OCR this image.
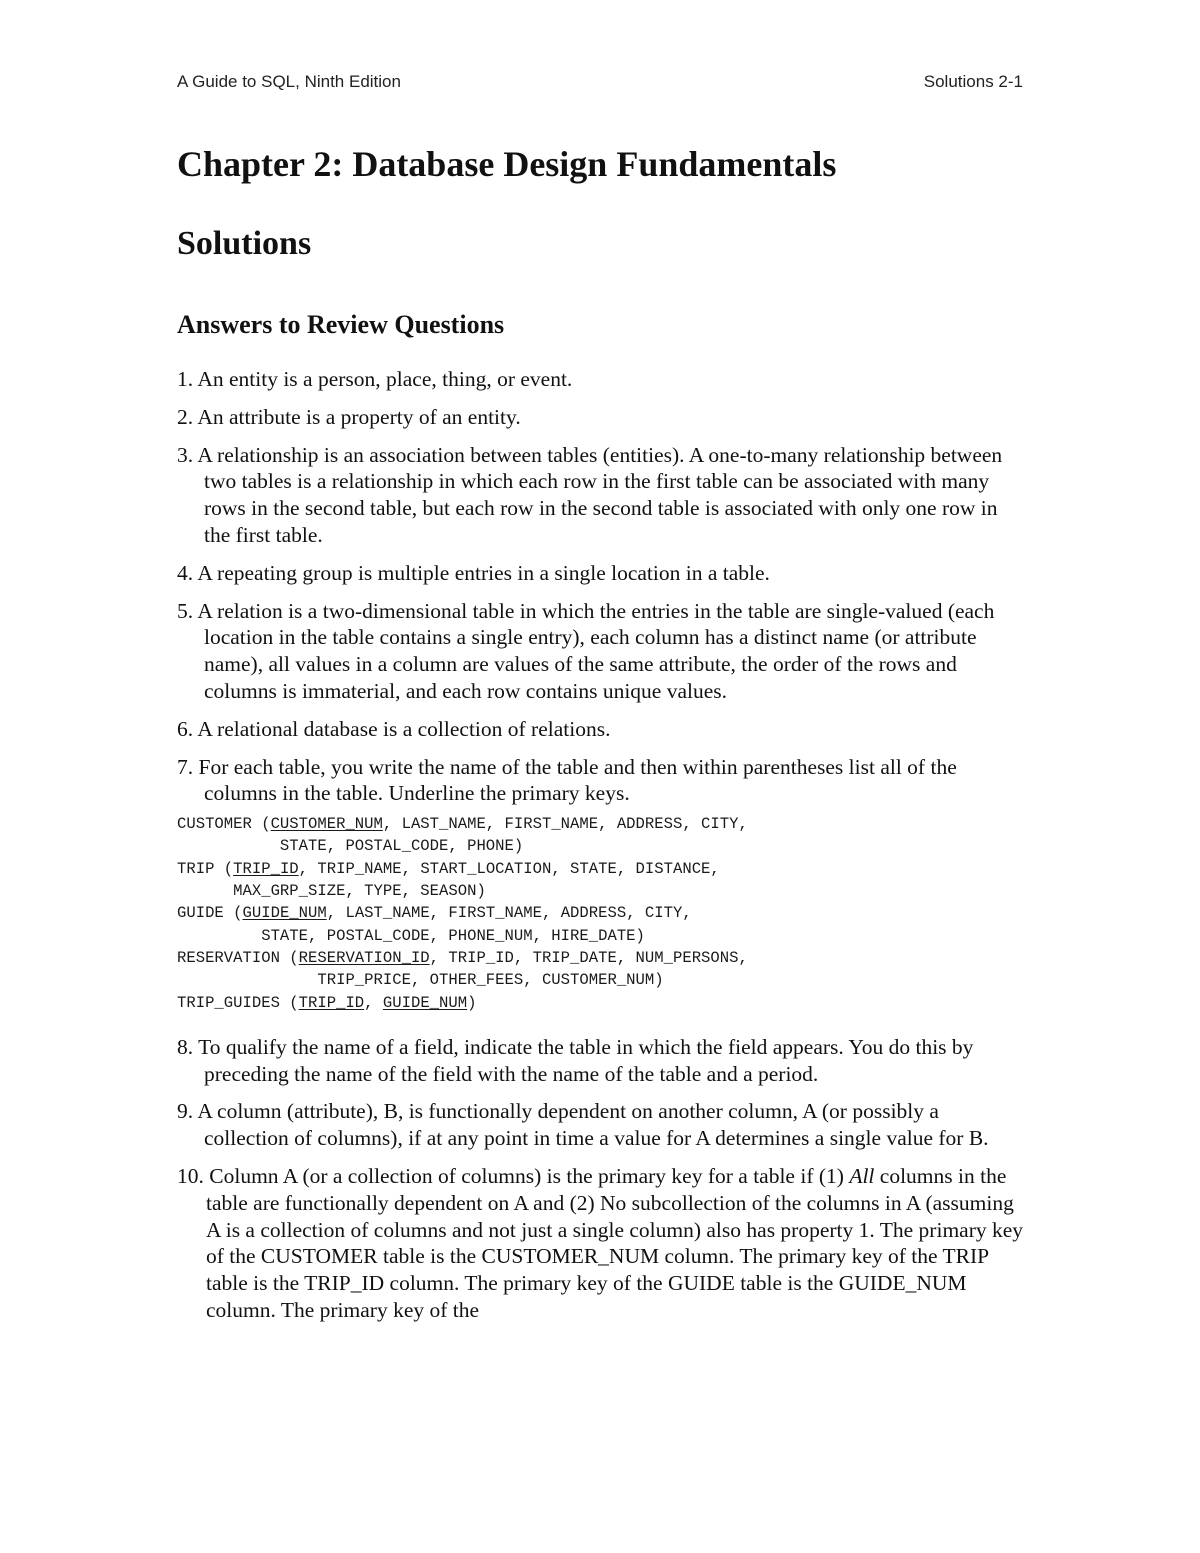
A Guide to SQL, Ninth Edition	Solutions 2-1
Chapter 2: Database Design Fundamentals
Solutions
Answers to Review Questions
1. An entity is a person, place, thing, or event.
2. An attribute is a property of an entity.
3. A relationship is an association between tables (entities). A one-to-many relationship between two tables is a relationship in which each row in the first table can be associated with many rows in the second table, but each row in the second table is associated with only one row in the first table.
4. A repeating group is multiple entries in a single location in a table.
5. A relation is a two-dimensional table in which the entries in the table are single-valued (each location in the table contains a single entry), each column has a distinct name (or attribute name), all values in a column are values of the same attribute, the order of the rows and columns is immaterial, and each row contains unique values.
6. A relational database is a collection of relations.
7. For each table, you write the name of the table and then within parentheses list all of the columns in the table. Underline the primary keys.
CUSTOMER (CUSTOMER_NUM, LAST_NAME, FIRST_NAME, ADDRESS, CITY,
STATE, POSTAL_CODE, PHONE)
TRIP (TRIP_ID, TRIP_NAME, START_LOCATION, STATE, DISTANCE,
MAX_GRP_SIZE, TYPE, SEASON)
GUIDE (GUIDE_NUM, LAST_NAME, FIRST_NAME, ADDRESS, CITY,
STATE, POSTAL_CODE, PHONE_NUM, HIRE_DATE)
RESERVATION (RESERVATION_ID, TRIP_ID, TRIP_DATE, NUM_PERSONS,
TRIP_PRICE, OTHER_FEES, CUSTOMER_NUM)
TRIP_GUIDES (TRIP_ID, GUIDE_NUM)
8. To qualify the name of a field, indicate the table in which the field appears. You do this by preceding the name of the field with the name of the table and a period.
9. A column (attribute), B, is functionally dependent on another column, A (or possibly a collection of columns), if at any point in time a value for A determines a single value for B.
10. Column A (or a collection of columns) is the primary key for a table if (1) All columns in the table are functionally dependent on A and (2) No subcollection of the columns in A (assuming A is a collection of columns and not just a single column) also has property 1. The primary key of the CUSTOMER table is the CUSTOMER_NUM column. The primary key of the TRIP table is the TRIP_ID column. The primary key of the GUIDE table is the GUIDE_NUM column. The primary key of the
